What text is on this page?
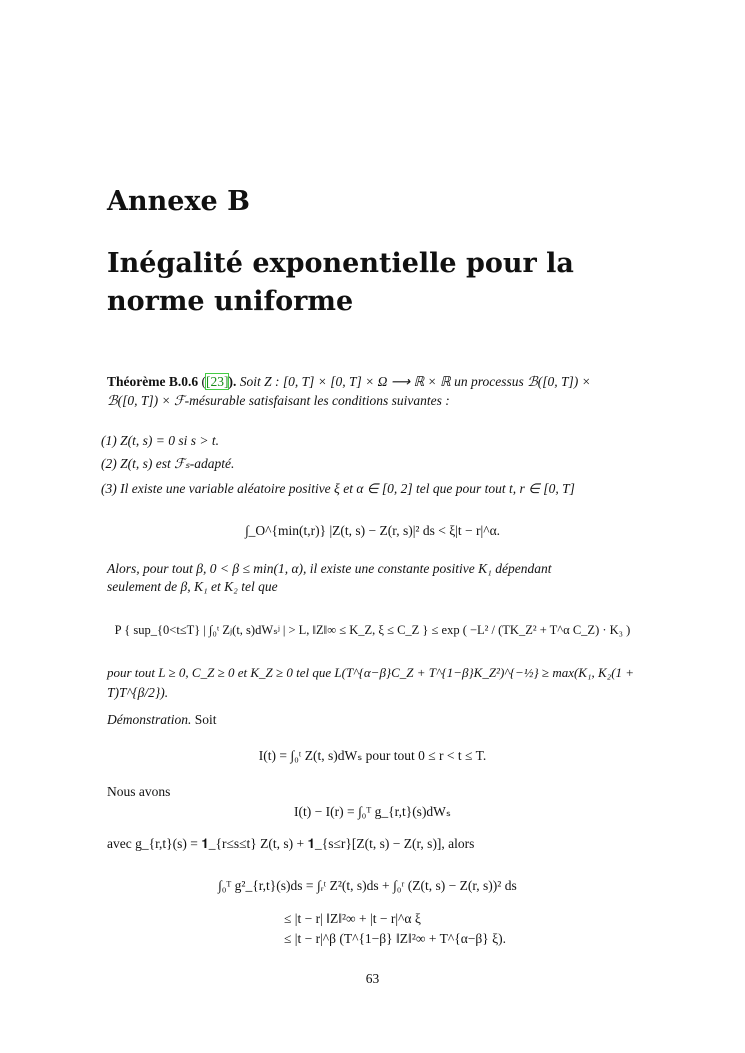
Annexe B
Inégalité exponentielle pour la
norme uniforme
Théorème B.0.6 ([23]). Soit Z : [0, T] × [0, T] × Ω ⟶ ℝ × ℝ un processus ℬ([0, T]) ×
ℬ([0, T]) × ℱ-mésurable satisfaisant les conditions suivantes :
(1) Z(t, s) = 0 si s > t.
(2) Z(t, s) est ℱₛ-adapté.
(3) Il existe une variable aléatoire positive ξ et α ∈ [0, 2] tel que pour tout t, r ∈ [0, T]
∫_O^{min(t,r)} |Z(t, s) − Z(r, s)|² ds < ξ|t − r|^α.
Alors, pour tout β, 0 < β ≤ min(1, α), il existe une constante positive K₁ dépendant
seulement de β, K₁ et K₂ tel que
P { sup_{0<t≤T} | ∫₀ᵗ Zⱼ(t, s)dWₛʲ | > L, ‖Z‖∞ ≤ K_Z, ξ ≤ C_Z } ≤ exp ( −L² / (TK_Z² + T^α C_Z) · K₃ )
pour tout L ≥ 0, C_Z ≥ 0 et K_Z ≥ 0 tel que L(T^{α−β}C_Z + T^{1−β}K_Z²)^{−½} ≥ max(K₁, K₂(1 +
T)T^{β/2}).
Démonstration. Soit
I(t) = ∫₀ᵗ Z(t, s)dWₛ pour tout 0 ≤ r < t ≤ T.
Nous avons
I(t) − I(r) = ∫₀ᵀ g_{r,t}(s)dWₛ
avec g_{r,t}(s) = 𝟏_{r≤s≤t} Z(t, s) + 𝟏_{s≤r}[Z(t, s) − Z(r, s)], alors
∫₀ᵀ g²_{r,t}(s)ds = ∫ᵣᵗ Z²(t, s)ds + ∫₀ʳ (Z(t, s) − Z(r, s))² ds
≤ |t − r| ‖Z‖²∞ + |t − r|^α ξ
≤ |t − r|^β (T^{1−β} ‖Z‖²∞ + T^{α−β} ξ).
63
